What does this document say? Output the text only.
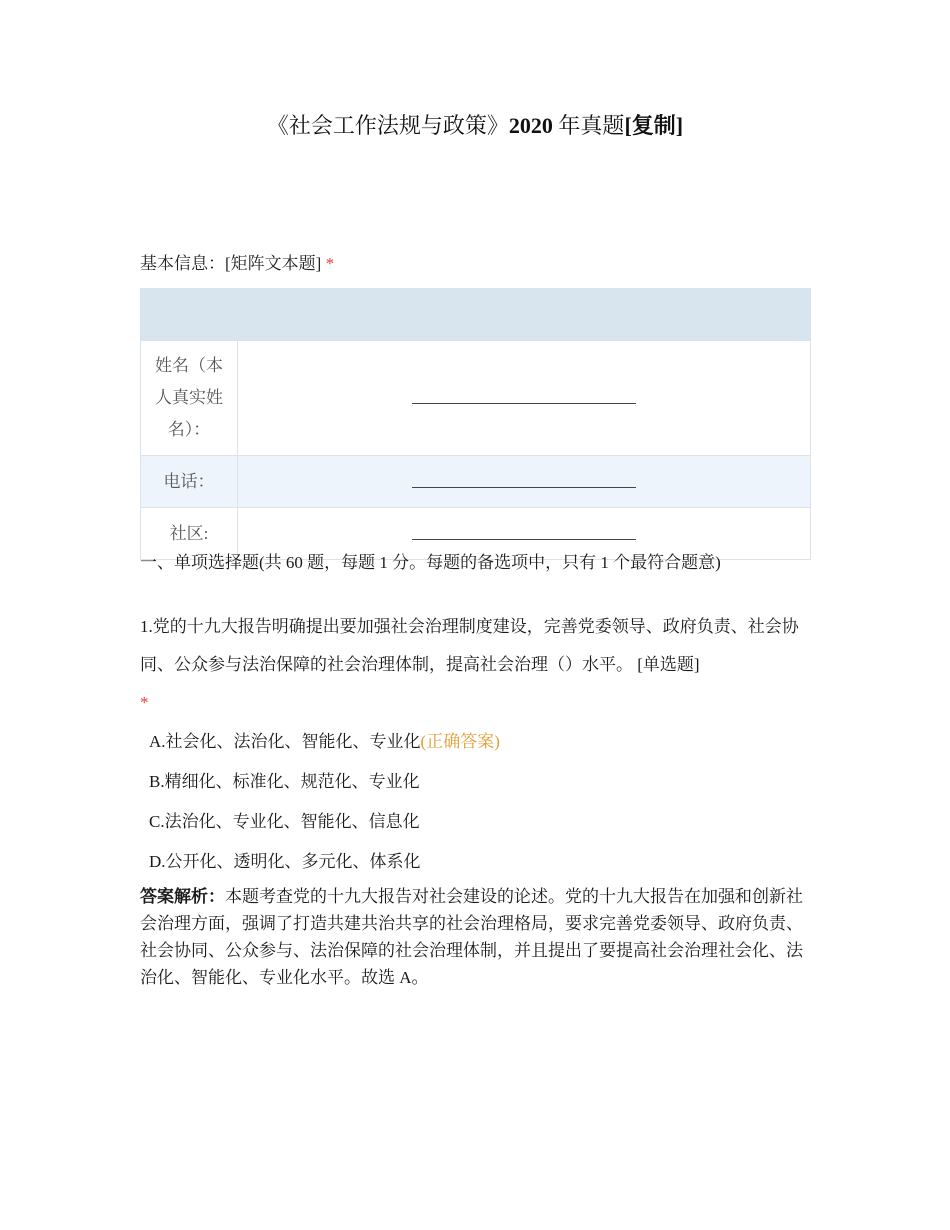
《社会工作法规与政策》2020 年真题[复制]
基本信息：[矩阵文本题] *

姓名（本
人真实姓
名）：	

电话：	
社区:	
一、单项选择题(共 60 题，每题 1 分。每题的备选项中，只有 1 个最符合题意)
1.党的十九大报告明确提出要加强社会治理制度建设，完善党委领导、政府负责、社会协同、公众参与法治保障的社会治理体制，提高社会治理（）水平。 [单选题]
*
A.社会化、法治化、智能化、专业化(正确答案)
B.精细化、标准化、规范化、专业化
C.法治化、专业化、智能化、信息化
D.公开化、透明化、多元化、体系化
答案解析：本题考查党的十九大报告对社会建设的论述。党的十九大报告在加强和创新社会治理方面，强调了打造共建共治共享的社会治理格局，要求完善党委领导、政府负责、社会协同、公众参与、法治保障的社会治理体制，并且提出了要提高社会治理社会化、法治化、智能化、专业化水平。故选 A。
